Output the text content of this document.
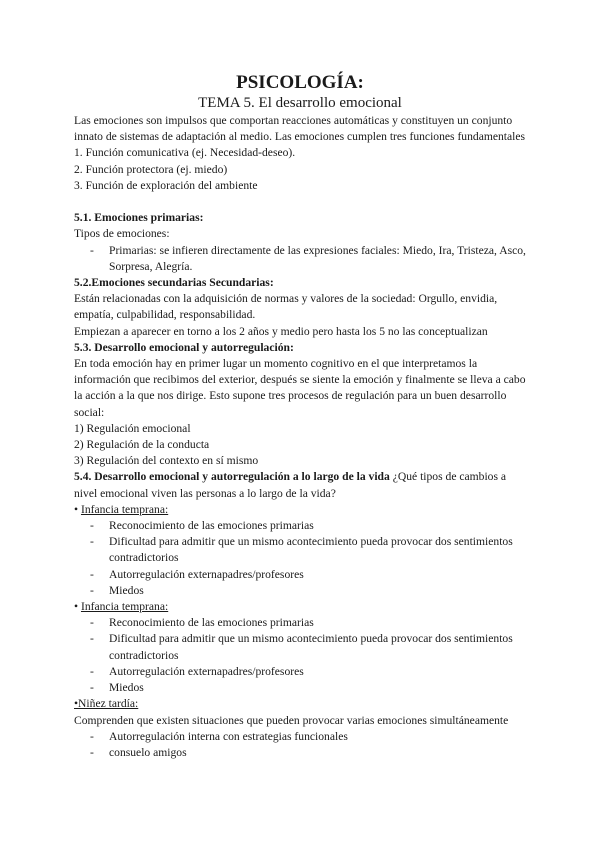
PSICOLOGÍA:
TEMA 5. El desarrollo emocional

Las emociones son impulsos que comportan reacciones automáticas y constituyen un conjunto innato de sistemas de adaptación al medio. Las emociones cumplen tres funciones fundamentales

1. Función comunicativa (ej. Necesidad-deseo).

2. Función protectora (ej. miedo)

3. Función de exploración del ambiente

5.1. Emociones primarias:

Tipos de emociones:

- Primarias: se infieren directamente de las expresiones faciales: Miedo, Ira, Tristeza, Asco, Sorpresa, Alegría.

5.2.Emociones secundarias Secundarias:

Están relacionadas con la adquisición de normas y valores de la sociedad: Orgullo, envidia, empatía, culpabilidad, responsabilidad.

Empiezan a aparecer en torno a los 2 años y medio pero hasta los 5 no las conceptualizan

5.3. Desarrollo emocional y autorregulación:

En toda emoción hay en primer lugar un momento cognitivo en el que interpretamos la información que recibimos del exterior, después se siente la emoción y finalmente se lleva a cabo la acción a la que nos dirige. Esto supone tres procesos de regulación para un buen desarrollo social:

1) Regulación emocional

2) Regulación de la conducta

3) Regulación del contexto en sí mismo

5.4. Desarrollo emocional y autorregulación a lo largo de la vida ¿Qué tipos de cambios a nivel emocional viven las personas a lo largo de la vida?

• Infancia temprana:

- Reconocimiento de las emociones primarias
- Dificultad para admitir que un mismo acontecimiento pueda provocar dos sentimientos contradictorios
- Autorregulación externapadres/profesores
- Miedos

• Infancia temprana:

- Reconocimiento de las emociones primarias
- Dificultad para admitir que un mismo acontecimiento pueda provocar dos sentimientos contradictorios
- Autorregulación externapadres/profesores
- Miedos

•Niñez tardía:

Comprenden que existen situaciones que pueden provocar varias emociones simultáneamente

- Autorregulación interna con estrategias funcionales
- consuelo amigos
